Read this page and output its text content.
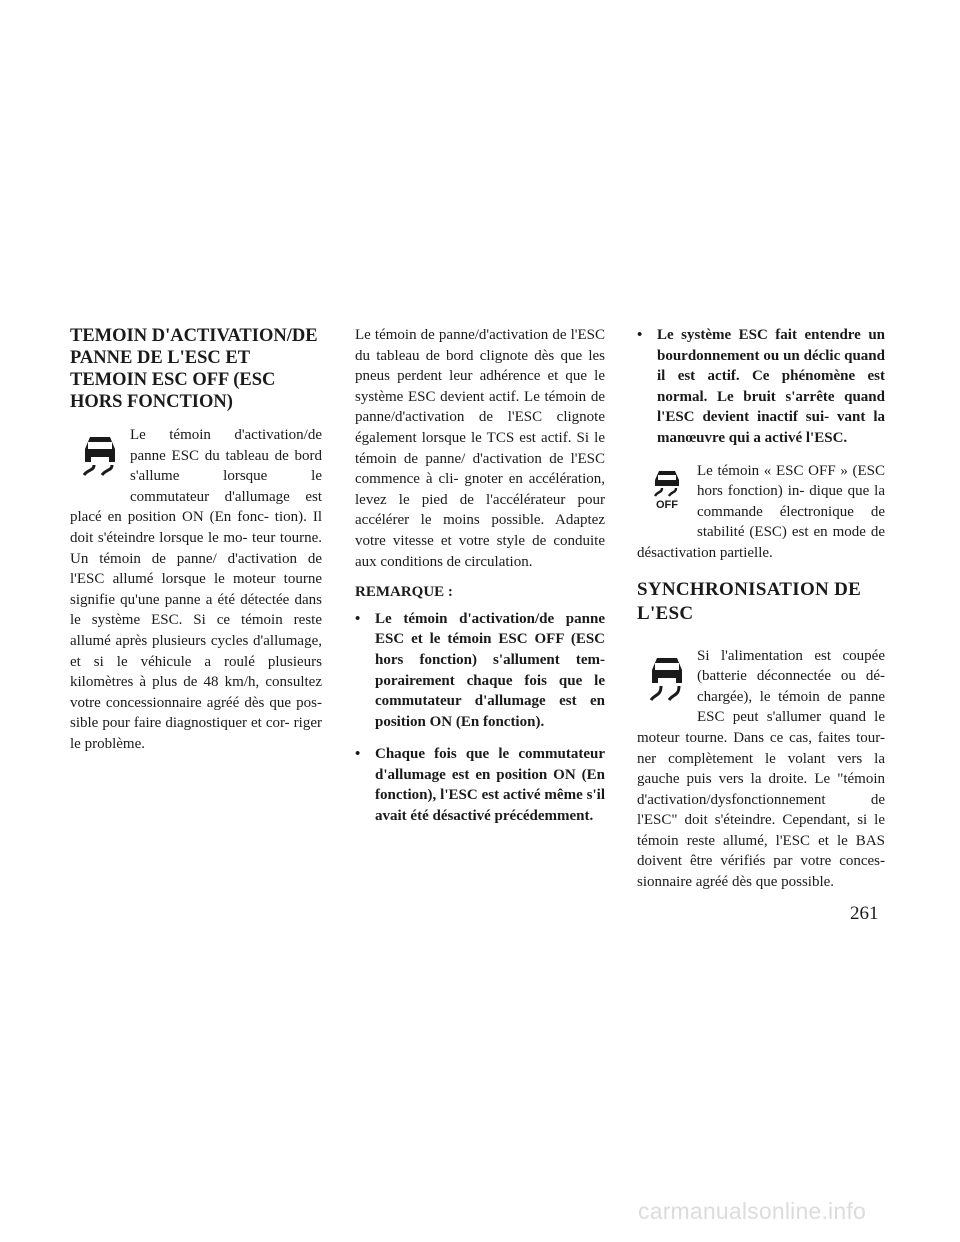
TEMOIN D'ACTIVATION/DE PANNE DE L'ESC ET TEMOIN ESC OFF (ESC HORS FONCTION)

Le témoin d'activation/de panne ESC du tableau de bord s'allume lorsque le commutateur d'allumage est placé en position ON (En fonc- tion). Il doit s'éteindre lorsque le mo- teur tourne. Un témoin de panne/ d'activation de l'ESC allumé lorsque le moteur tourne signifie qu'une panne a été détectée dans le système ESC. Si ce témoin reste allumé après plusieurs cycles d'allumage, et si le véhicule a roulé plusieurs kilomètres à plus de 48 km/h, consultez votre concessionnaire agréé dès que pos- sible pour faire diagnostiquer et cor- riger le problème.

Le témoin de panne/d'activation de l'ESC du tableau de bord clignote dès que les pneus perdent leur adhérence et que le système ESC devient actif. Le témoin de panne/d'activation de l'ESC clignote également lorsque le TCS est actif. Si le témoin de panne/ d'activation de l'ESC commence à cli- gnoter en accélération, levez le pied de l'accélérateur pour accélérer le moins possible. Adaptez votre vitesse et votre style de conduite aux conditions de circulation.

REMARQUE :

• Le témoin d'activation/de panne ESC et le témoin ESC OFF (ESC hors fonction) s'allument tem- porairement chaque fois que le commutateur d'allumage est en position ON (En fonction).
• Chaque fois que le commutateur d'allumage est en position ON (En fonction), l'ESC est activé même s'il avait été désactivé précédemment.
• Le système ESC fait entendre un bourdonnement ou un déclic quand il est actif. Ce phénomène est normal. Le bruit s'arrête quand l'ESC devient inactif sui- vant la manœuvre qui a activé l'ESC.
OFF

Le témoin « ESC OFF » (ESC hors fonction) in- dique que la commande électronique de stabilité (ESC) est en mode de désactivation partielle.

SYNCHRONISATION DE L'ESC

Si l'alimentation est coupée (batterie déconnectée ou dé- chargée), le témoin de panne ESC peut s'allumer quand le moteur tourne. Dans ce cas, faites tour- ner complètement le volant vers la gauche puis vers la droite. Le "témoin d'activation/dysfonctionnement de l'ESC" doit s'éteindre. Cependant, si le témoin reste allumé, l'ESC et le BAS doivent être vérifiés par votre conces- sionnaire agréé dès que possible.

261
carmanualsonline.info
